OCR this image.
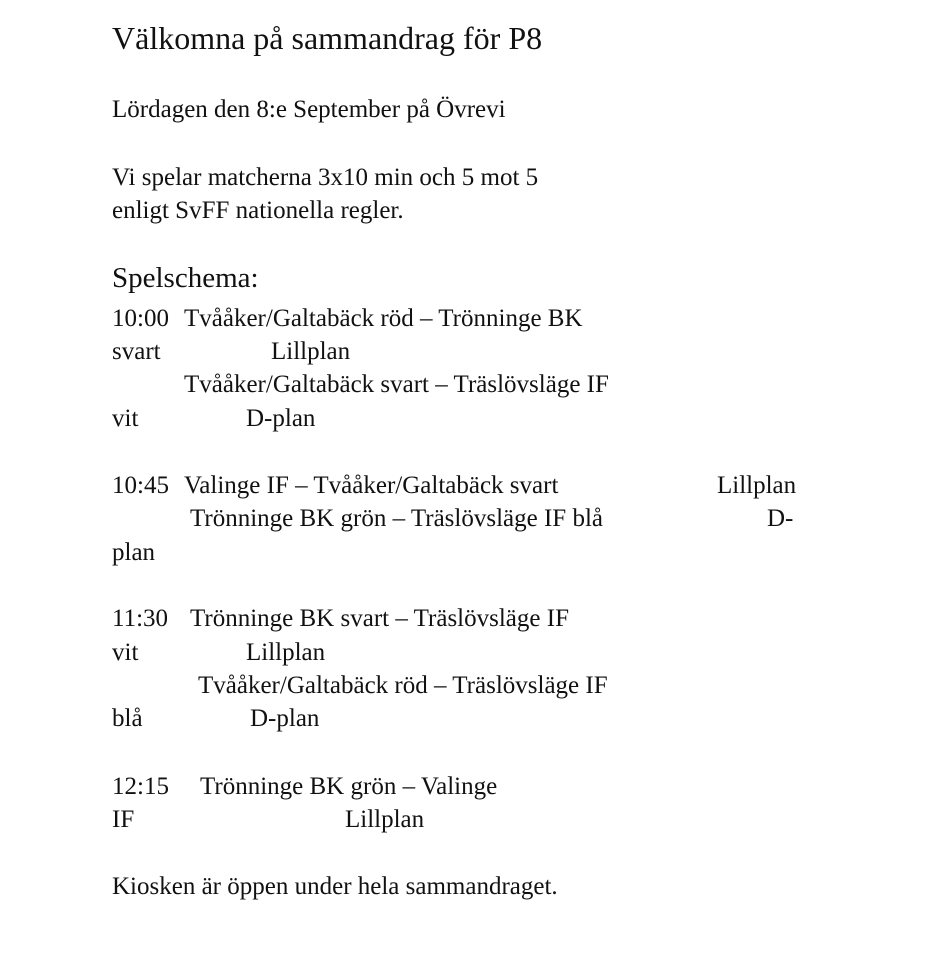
Välkomna på sammandrag för P8
Lördagen den 8:e September på Övrevi
Vi spelar matcherna 3x10 min och 5 mot 5
enligt SvFF nationella regler.
Spelschema:
10:00 Tvååker/Galtabäck röd – Trönninge BK
svart	Lillplan
Tvååker/Galtabäck svart – Träslövsläge IF
vit	D-plan
10:45 Valinge IF – Tvååker/Galtabäck svart	Lillplan
Trönninge BK grön – Träslövsläge IF blå	D-
plan
11:30 Trönninge BK svart – Träslövsläge IF
vit	Lillplan
Tvååker/Galtabäck röd – Träslövsläge IF
blå	D-plan
12:15 Trönninge BK grön – Valinge
IF	Lillplan
Kiosken är öppen under hela sammandraget.
